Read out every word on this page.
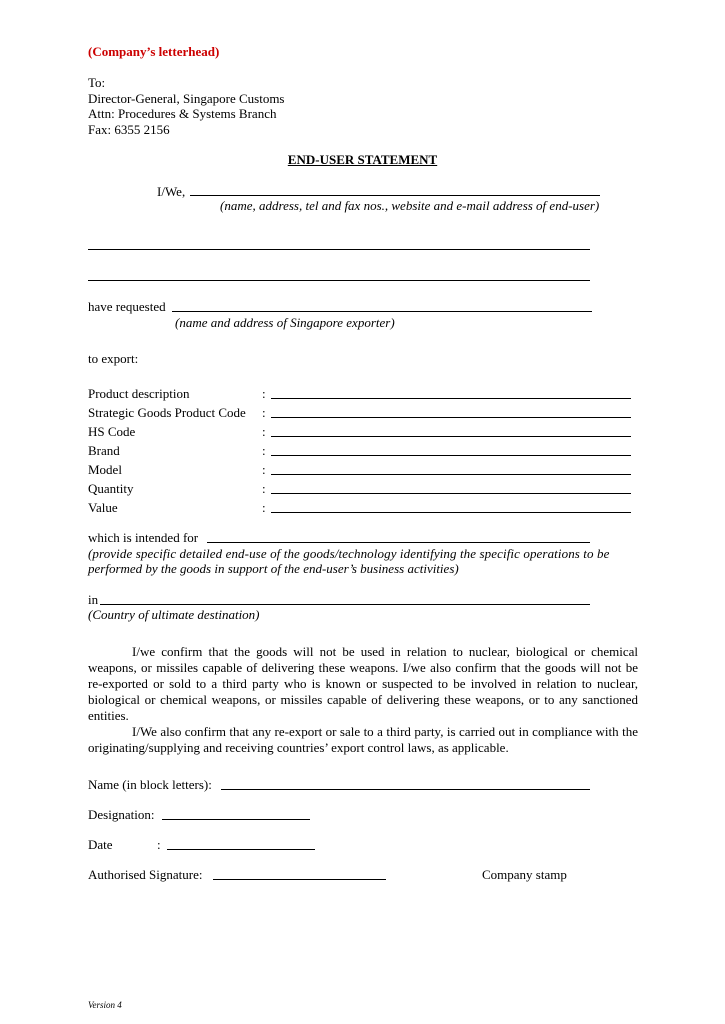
(Company’s letterhead)
To:
Director-General, Singapore Customs
Attn: Procedures & Systems Branch
Fax: 6355 2156
END-USER STATEMENT
I/We,
(name, address, tel and fax nos., website and e-mail address of end-user)
have requested
(name and address of Singapore exporter)
to export:
Product description	:
Strategic Goods Product Code :
HS Code	:
Brand	:
Model	:
Quantity	:
Value	:
which is intended for
(provide specific detailed end-use of the goods/technology identifying the specific operations to be
performed by the goods in support of the end-user’s business activities)
in
(Country of ultimate destination)

I/we confirm that the goods will not be used in relation to nuclear, biological or chemical weapons, or missiles capable of delivering these weapons. I/we also confirm that the goods will not be re-exported or sold to a third party who is known or suspected to be involved in relation to nuclear, biological or chemical weapons, or missiles capable of delivering these weapons, or to any sanctioned entities.

I/We also confirm that any re-export or sale to a third party, is carried out in compliance with the originating/supplying and receiving countries’ export control laws, as applicable.

Name (in block letters):
Designation:
Date	:
Authorised Signature:	Company stamp
Version 4
